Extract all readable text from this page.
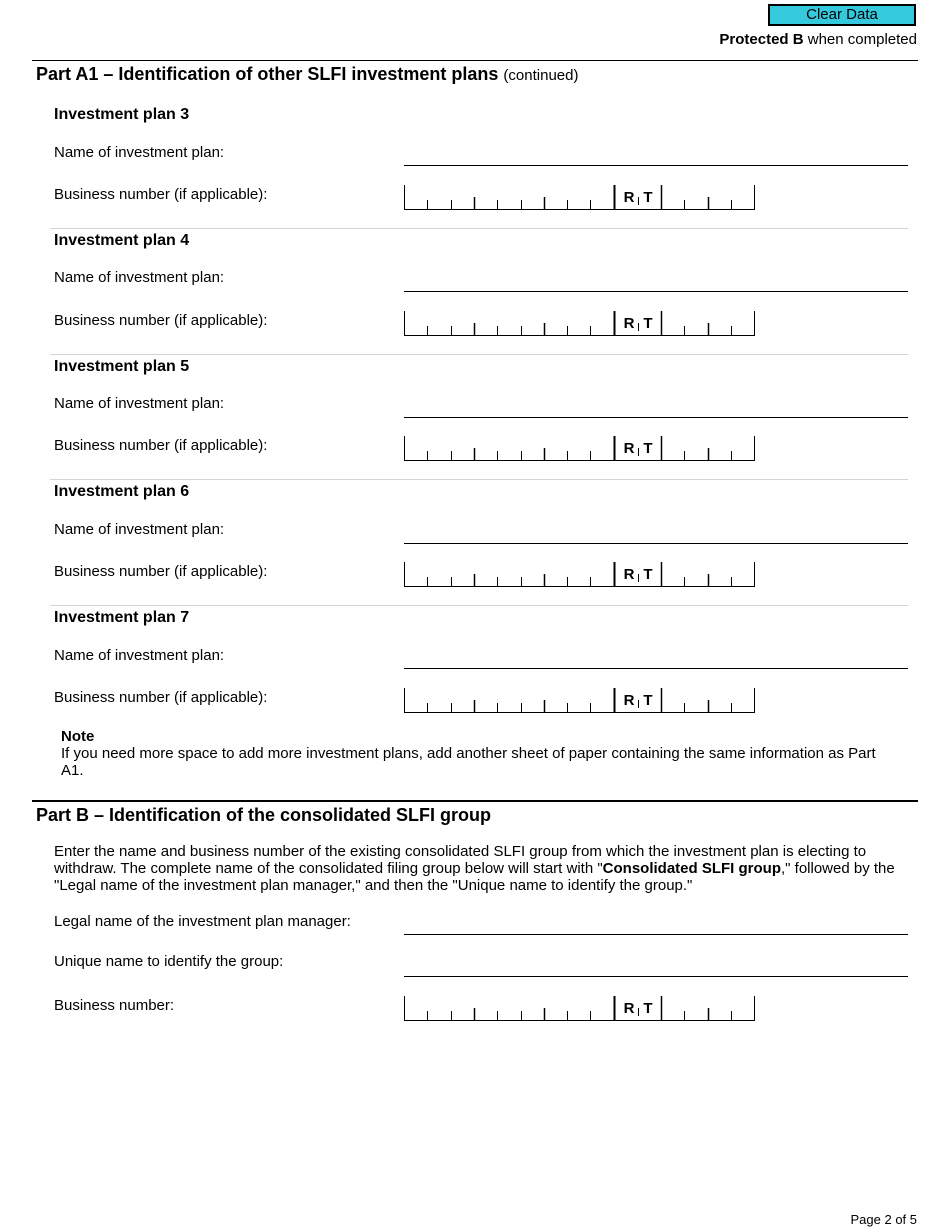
Clear Data
Protected B when completed
Part A1 – Identification of other SLFI investment plans (continued)
Investment plan 3
Name of investment plan:
Business number (if applicable):	R T
Investment plan 4
Name of investment plan:
Business number (if applicable):	R T
Investment plan 5
Name of investment plan:
Business number (if applicable):	R T
Investment plan 6
Name of investment plan:
Business number (if applicable):	R T
Investment plan 7
Name of investment plan:
Business number (if applicable):	R T
Note
If you need more space to add more investment plans, add another sheet of paper containing the same information as Part A1.
Part B – Identification of the consolidated SLFI group
Enter the name and business number of the existing consolidated SLFI group from which the investment plan is electing to withdraw. The complete name of the consolidated filing group below will start with "Consolidated SLFI group," followed by the "Legal name of the investment plan manager," and then the "Unique name to identify the group."
Legal name of the investment plan manager:
Unique name to identify the group:
Business number:	R T
Page 2 of 5
